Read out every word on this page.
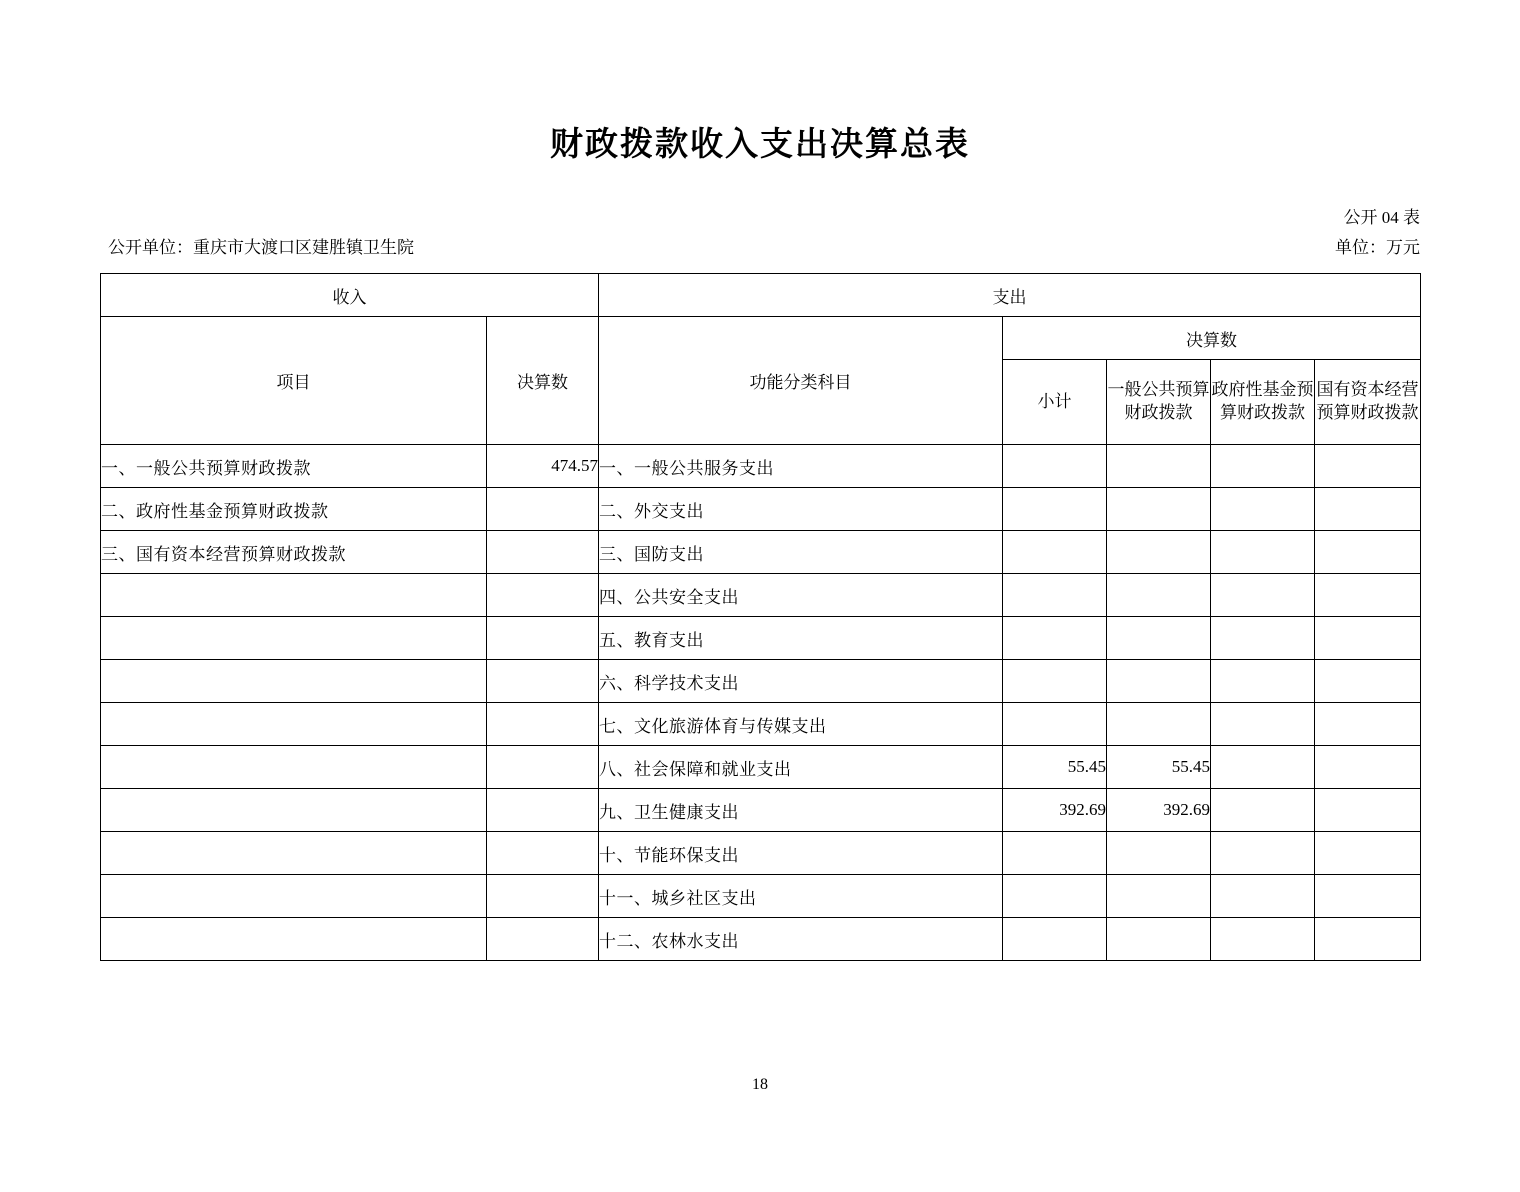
财政拨款收入支出决算总表
公开 04 表
公开单位：重庆市大渡口区建胜镇卫生院	单位：万元
收入		支出				
项目	决算数	功能分类科目	决算数			
			小计	一般公共预算财政拨款	政府性基金预算财政拨款	国有资本经营预算财政拨款
一、一般公共预算财政拨款	474.57	一、一般公共服务支出				
二、政府性基金预算财政拨款		二、外交支出				
三、国有资本经营预算财政拨款		三、国防支出				
		四、公共安全支出				
		五、教育支出				
		六、科学技术支出				
		七、文化旅游体育与传媒支出				
		八、社会保障和就业支出	55.45	55.45		
		九、卫生健康支出	392.69	392.69		
		十、节能环保支出				
		十一、城乡社区支出				
		十二、农林水支出				
18
